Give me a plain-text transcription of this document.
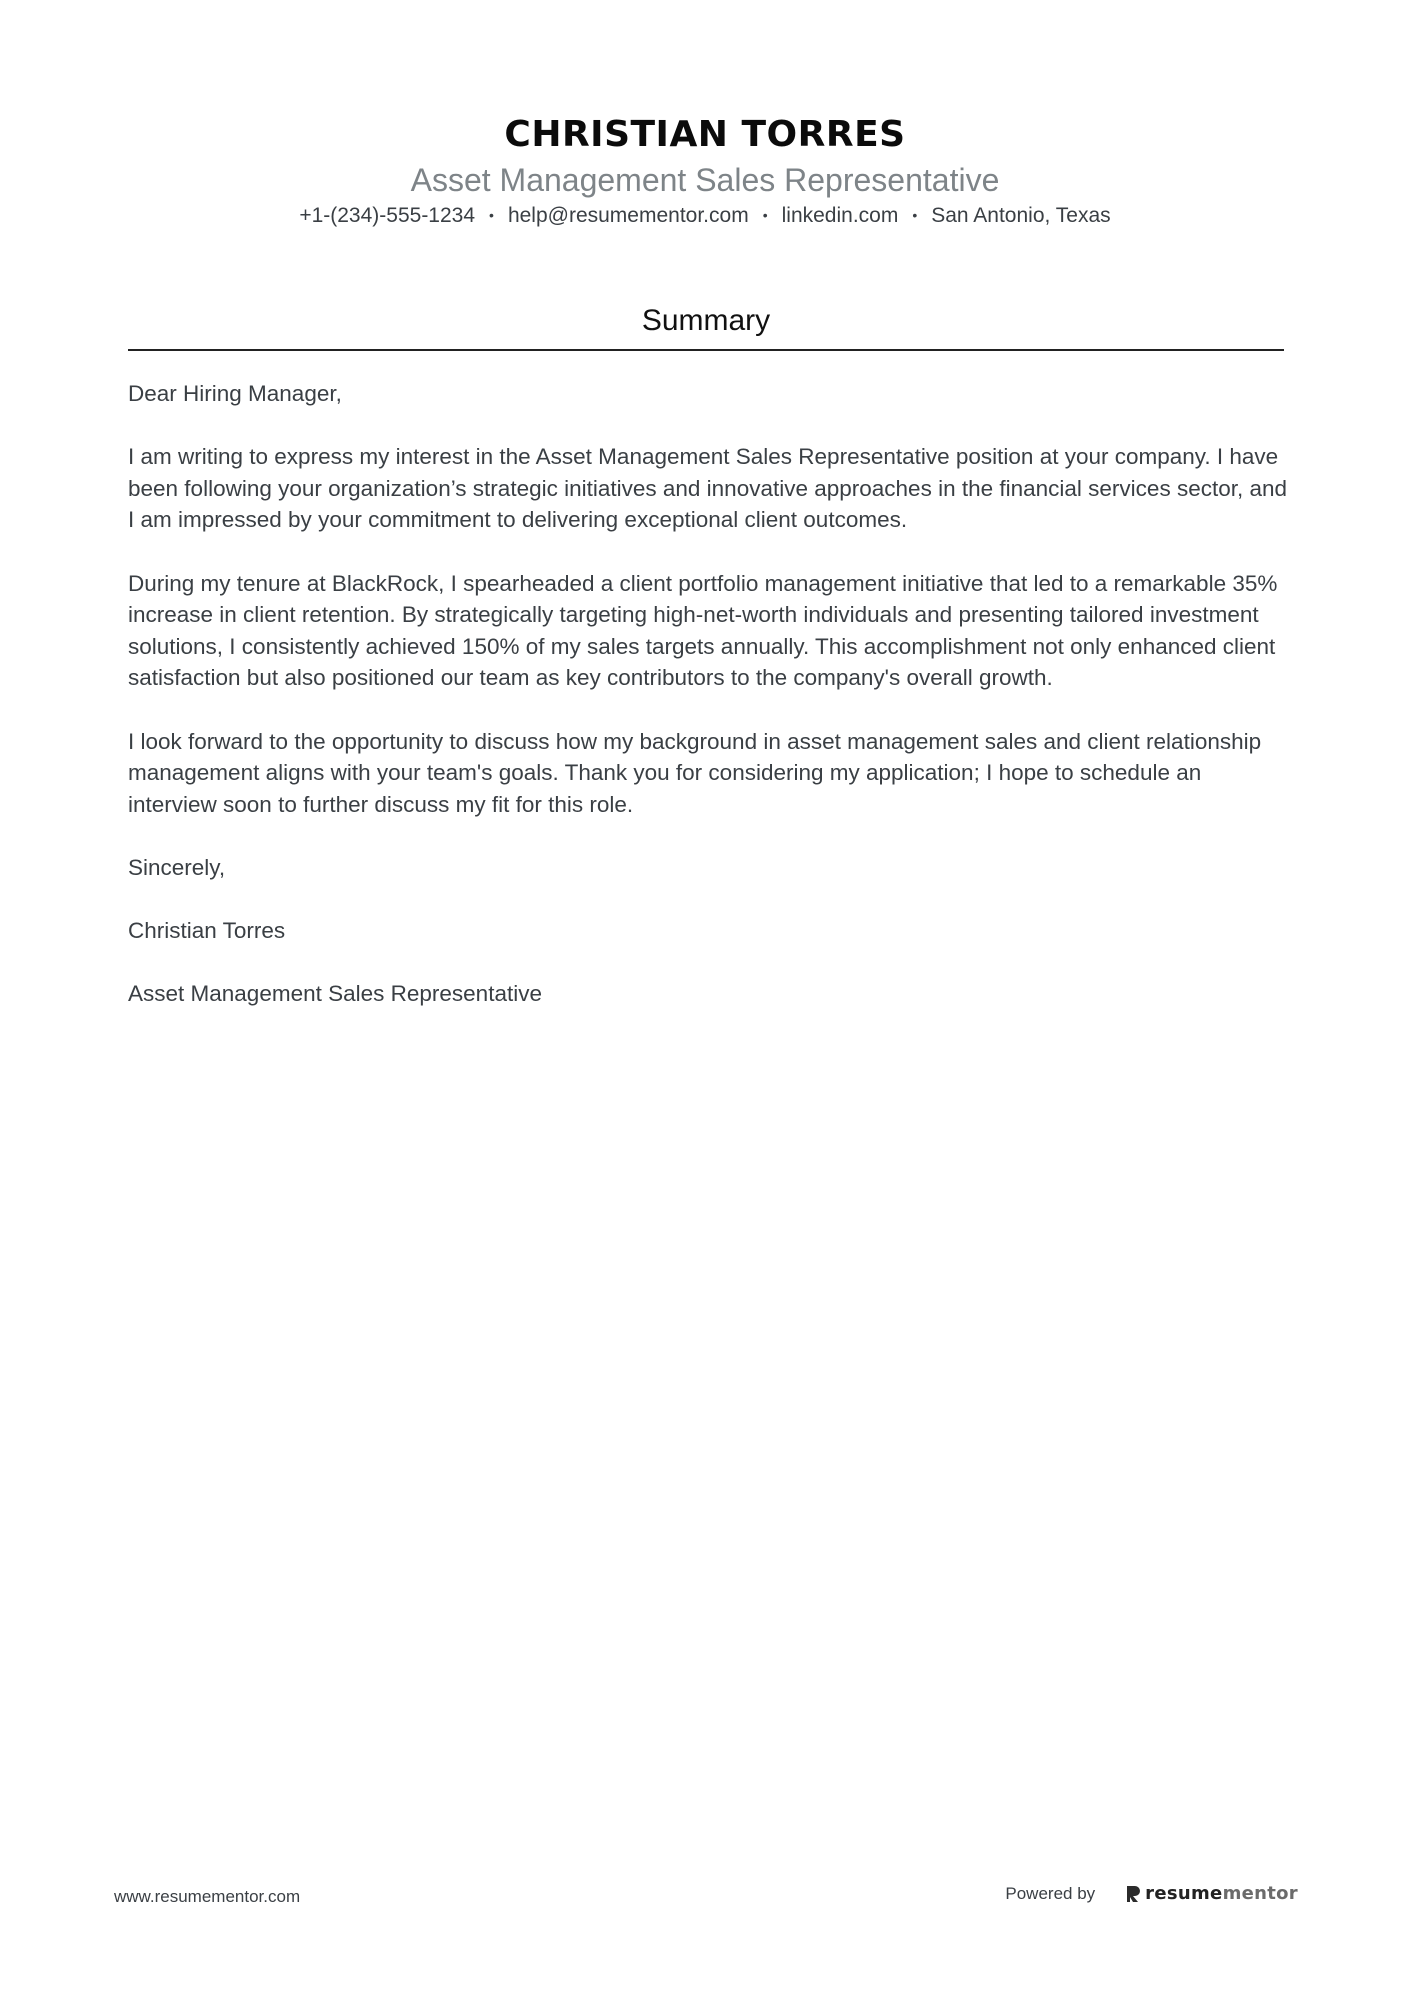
CHRISTIAN TORRES
Asset Management Sales Representative
+1-(234)-555-1234 • help@resumementor.com • linkedin.com • San Antonio, Texas
Summary

Dear Hiring Manager,

I am writing to express my interest in the Asset Management Sales Representative position at your company. I have been following your organization’s strategic initiatives and innovative approaches in the financial services sector, and I am impressed by your commitment to delivering exceptional client outcomes.

During my tenure at BlackRock, I spearheaded a client portfolio management initiative that led to a remarkable 35% increase in client retention. By strategically targeting high-net-worth individuals and presenting tailored investment solutions, I consistently achieved 150% of my sales targets annually. This accomplishment not only enhanced client satisfaction but also positioned our team as key contributors to the company's overall growth.

I look forward to the opportunity to discuss how my background in asset management sales and client relationship management aligns with your team's goals. Thank you for considering my application; I hope to schedule an interview soon to further discuss my fit for this role.

Sincerely,

Christian Torres

Asset Management Sales Representative

www.resumementor.com	Powered by	resume mentor
